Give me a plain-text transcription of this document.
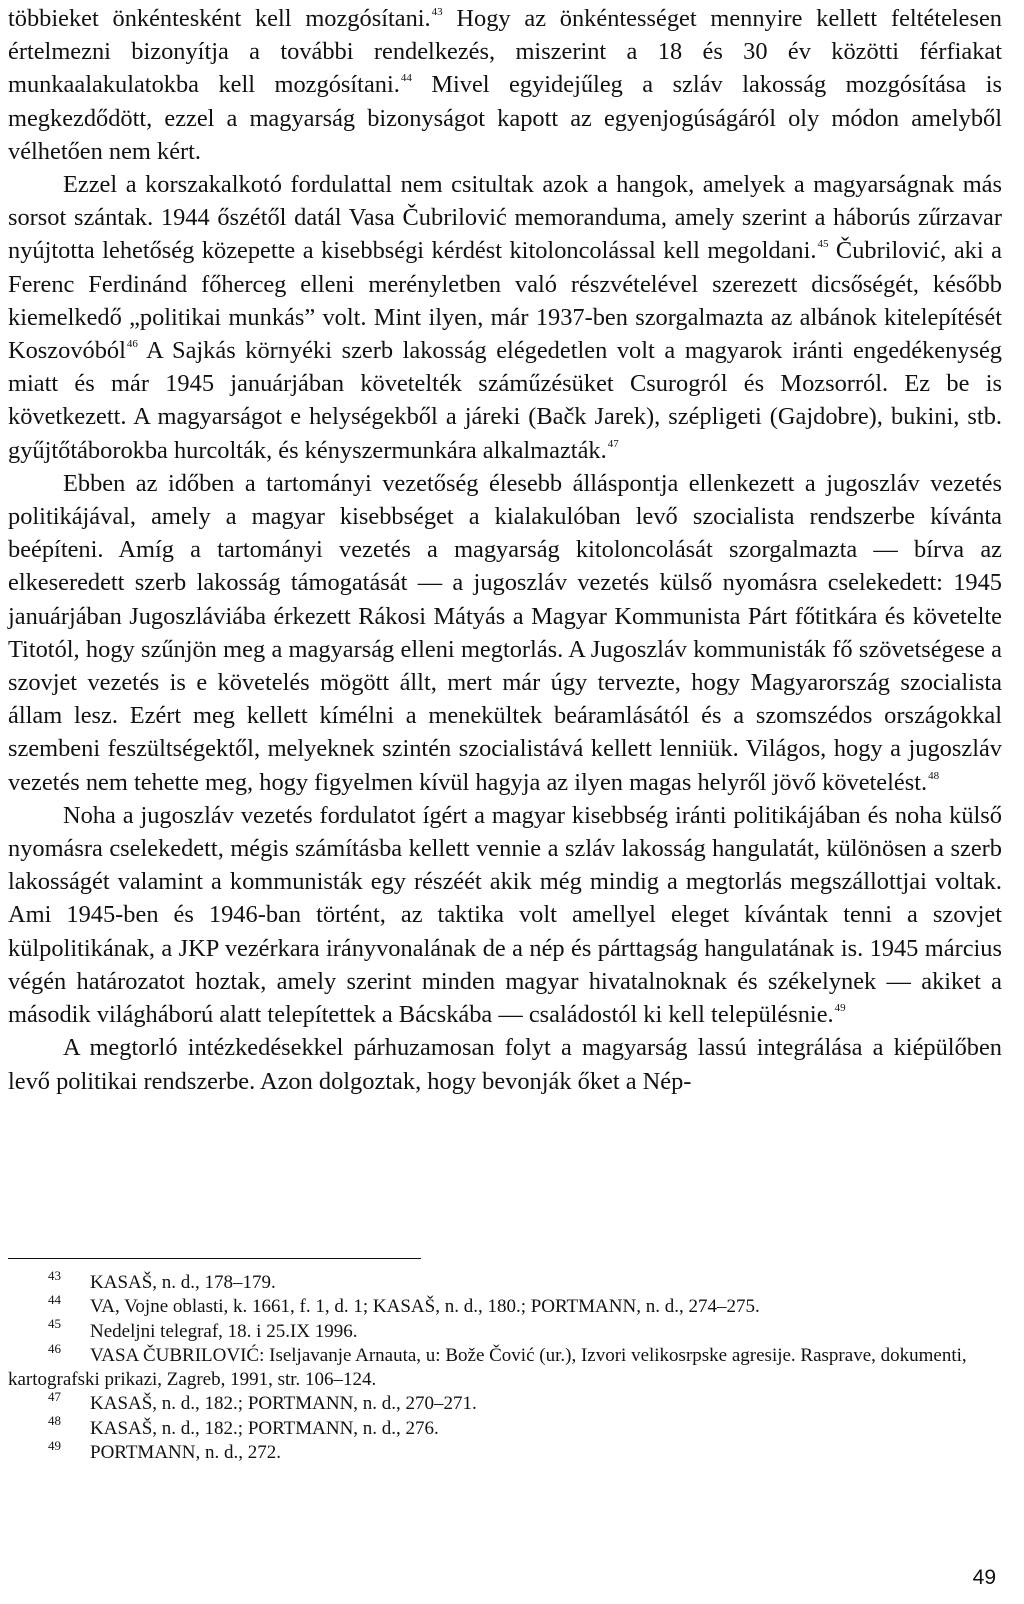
többieket önkéntesként kell mozgósítani.$^{43}$ Hogy az önkéntességet mennyire kellett feltételesen értelmezni bizonyítja a további rendelkezés, miszerint a 18 és 30 év közötti férfiakat munkaalakulatokba kell mozgósítani.$^{44}$ Mivel egyidejűleg a szláv lakosság mozgósítása is megkezdődött, ezzel a magyarság bizonyságot kapott az egyenjogúságáról oly módon amelyből vélhetően nem kért.

Ezzel a korszakalkotó fordulattal nem csitultak azok a hangok, amelyek a magyarságnak más sorsot szántak. 1944 őszétől datál Vasa Čubrilović memoranduma, amely szerint a háborús zűrzavar nyújtotta lehetőség közepette a kisebbségi kérdést kitoloncolással kell megoldani.$^{45}$ Čubrilović, aki a Ferenc Ferdinánd főherceg elleni merényletben való részvételével szerezett dicsőségét, később kiemelkedő „politikai munkás” volt. Mint ilyen, már 1937-ben szorgalmazta az albánok kitelepítését Koszovóból$^{46}$ A Sajkás környéki szerb lakosság elégedetlen volt a magyarok iránti engedékenység miatt és már 1945 januárjában követelték száműzésüket Csurogról és Mozsorról. Ez be is következett. A magyarságot e helységekből a járeki (Bačk Jarek), szépligeti (Gajdobre), bukini, stb. gyűjtőtáborokba hurcolták, és kényszermunkára alkalmazták.$^{47}$

Ebben az időben a tartományi vezetőség élesebb álláspontja ellenkezett a jugoszláv vezetés politikájával, amely a magyar kisebbséget a kialakulóban levő szocialista rendszerbe kívánta beépíteni. Amíg a tartományi vezetés a magyarság kitoloncolását szorgalmazta — bírva az elkeseredett szerb lakosság támogatását — a jugoszláv vezetés külső nyomásra cselekedett: 1945 januárjában Jugoszláviába érkezett Rákosi Mátyás a Magyar Kommunista Párt főtitkára és követelte Titotól, hogy szűnjön meg a magyarság elleni megtorlás. A Jugoszláv kommunisták fő szövetségese a szovjet vezetés is e követelés mögött állt, mert már úgy tervezte, hogy Magyarország szocialista állam lesz. Ezért meg kellett kímélni a menekültek beáramlásától és a szomszédos országokkal szembeni feszültségektől, melyeknek szintén szocialistává kellett lenniük. Világos, hogy a jugoszláv vezetés nem tehette meg, hogy figyelmen kívül hagyja az ilyen magas helyről jövő követelést.$^{48}$

Noha a jugoszláv vezetés fordulatot ígért a magyar kisebbség iránti politikájában és noha külső nyomásra cselekedett, mégis számításba kellett vennie a szláv lakosság hangulatát, különösen a szerb lakosságét valamint a kommunisták egy részéét akik még mindig a megtorlás megszállottjai voltak. Ami 1945-ben és 1946-ban történt, az taktika volt amellyel eleget kívántak tenni a szovjet külpolitikának, a JKP vezérkara irányvonalának de a nép és párttagság hangulatának is. 1945 március végén határozatot hoztak, amely szerint minden magyar hivatalnoknak és székelynek — akiket a második világháború alatt telepítettek a Bácskába — családostól ki kell településnie.$^{49}$

A megtorló intézkedésekkel párhuzamosan folyt a magyarság lassú integrálása a kiépülőben levő politikai rendszerbe. Azon dolgoztak, hogy bevonják őket a Nép-

43 KASAŠ, n. d., 178–179.

44 VA, Vojne oblasti, k. 1661, f. 1, d. 1; KASAŠ, n. d., 180.; PORTMANN, n. d., 274–275.

45 Nedeljni telegraf, 18. i 25.IX 1996.

46 VASA ČUBRILOVIĆ: Iseljavanje Arnauta, u: Bože Čović (ur.), Izvori velikosrpske agresije. Rasprave, dokumenti, kartografski prikazi, Zagreb, 1991, str. 106–124.

47 KASAŠ, n. d., 182.; PORTMANN, n. d., 270–271.

48 KASAŠ, n. d., 182.; PORTMANN, n. d., 276.

49 PORTMANN, n. d., 272.

49
